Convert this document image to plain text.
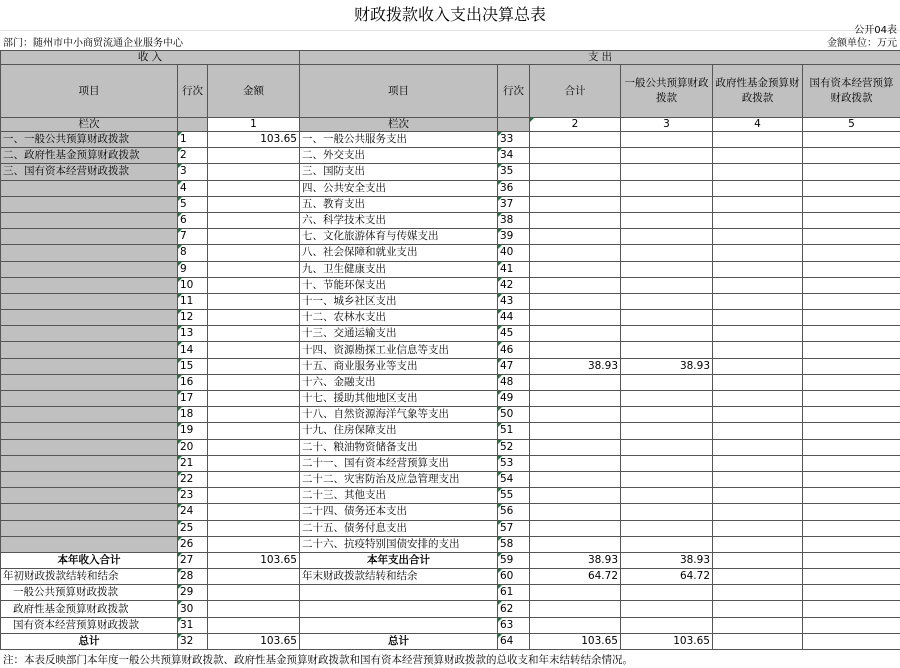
财政拨款收入支出决算总表
公开04表
部门：随州市中小商贸流通企业服务中心	金额单位：万元
收 入			支 出					
项目	行次	金额	项目	行次	合计	一般公共预算财政拨款	政府性基金预算财政拨款	国有资本经营预算财政拨款
栏次		1	栏次		2	3	4	5
一、一般公共预算财政拨款	1	103.65	一、一般公共服务支出	33				
二、政府性基金预算财政拨款	2		二、外交支出	34				
三、国有资本经营财政拨款	3		三、国防支出	35				
	4		四、公共安全支出	36				
	5		五、教育支出	37				
	6		六、科学技术支出	38				
	7		七、文化旅游体育与传媒支出	39				
	8		八、社会保障和就业支出	40				
	9		九、卫生健康支出	41				
	10		十、节能环保支出	42				
	11		十一、城乡社区支出	43				
	12		十二、农林水支出	44				
	13		十三、交通运输支出	45				
	14		十四、资源勘探工业信息等支出	46				
	15		十五、商业服务业等支出	47	38.93	38.93		
	16		十六、金融支出	48				
	17		十七、援助其他地区支出	49				
	18		十八、自然资源海洋气象等支出	50				
	19		十九、住房保障支出	51				
	20		二十、粮油物资储备支出	52				
	21		二十一、国有资本经营预算支出	53				
	22		二十二、灾害防治及应急管理支出	54				
	23		二十三、其他支出	55				
	24		二十四、债务还本支出	56				
	25		二十五、债务付息支出	57				
	26		二十六、抗疫特别国债安排的支出	58				
本年收入合计	27	103.65	本年支出合计	59	38.93	38.93		
年初财政拨款结转和结余	28		年末财政拨款结转和结余	60	64.72	64.72		
一般公共预算财政拨款	29			61				
政府性基金预算财政拨款	30			62				
国有资本经营预算财政拨款	31			63				
总计	32	103.65	总计	64	103.65	103.65		
注：本表反映部门本年度一般公共预算财政拨款、政府性基金预算财政拨款和国有资本经营预算财政拨款的总收支和年末结转结余情况。
